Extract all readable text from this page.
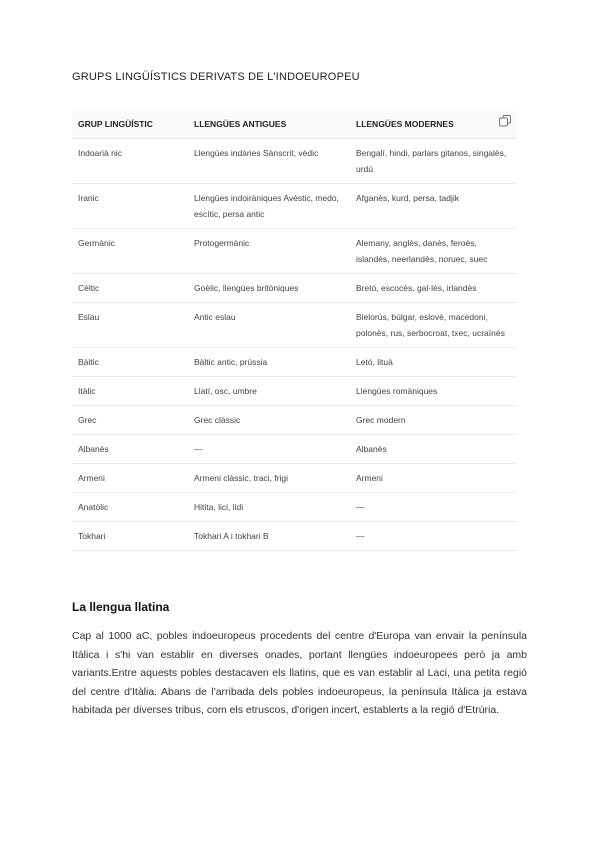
GRUPS LINGÜÍSTICS DERIVATS DE L'INDOEUROPEU
GRUP LINGÜÍSTIC	LLENGÜES ANTIGUES	LLENGÜES MODERNES
Indoarià nic	Llengües indàries Sànscrit, vèdic	Bengalí, hindi, parlars gitanos, singalès, urdú
Iranic	Llengües indoiràniques Avèstic, medo, escític, persa antic	Afganès, kurd, persa, tadjik
Germànic	Protogermànic	Alemany, anglès, danès, feroès, islandès, neerlandès, noruec, suec
Cèltic	Goèlic, llengües britòniques	Bretó, escocès, gal·lès, irlandès
Eslau	Antic eslau	Bielorús, búlgar, eslovè, macedoni, polonès, rus, serbocroat, txec, ucraïnès
Bàltic	Bàltic antic, prússia	Letó, lituà
Itàlic	Llatí, osc, umbre	Llengües romàniques
Grec	Grec clàssic	Grec modern
Albanès	—	Albanès
Armeni	Armeni clàssic, traci, frigi	Armeni
Anatòlic	Hitita, lici, lidi	—
Tokhari	Tokhari A i tokhari B	—
La llengua llatina
Cap al 1000 aC, pobles indoeuropeus procedents del centre d'Europa van envair la península Itàlica i s'hi van establir en diverses onades, portant llengües indoeuropees però ja amb variants.Entre aquests pobles destacaven els llatins, que es van establir al Laci, una petita regió del centre d'Itàlia. Abans de l'arribada dels pobles indoeuropeus, la península Itàlica ja estava habitada per diverses tribus, com els etruscos, d'origen incert, establerts a la regió d'Etrúria.
